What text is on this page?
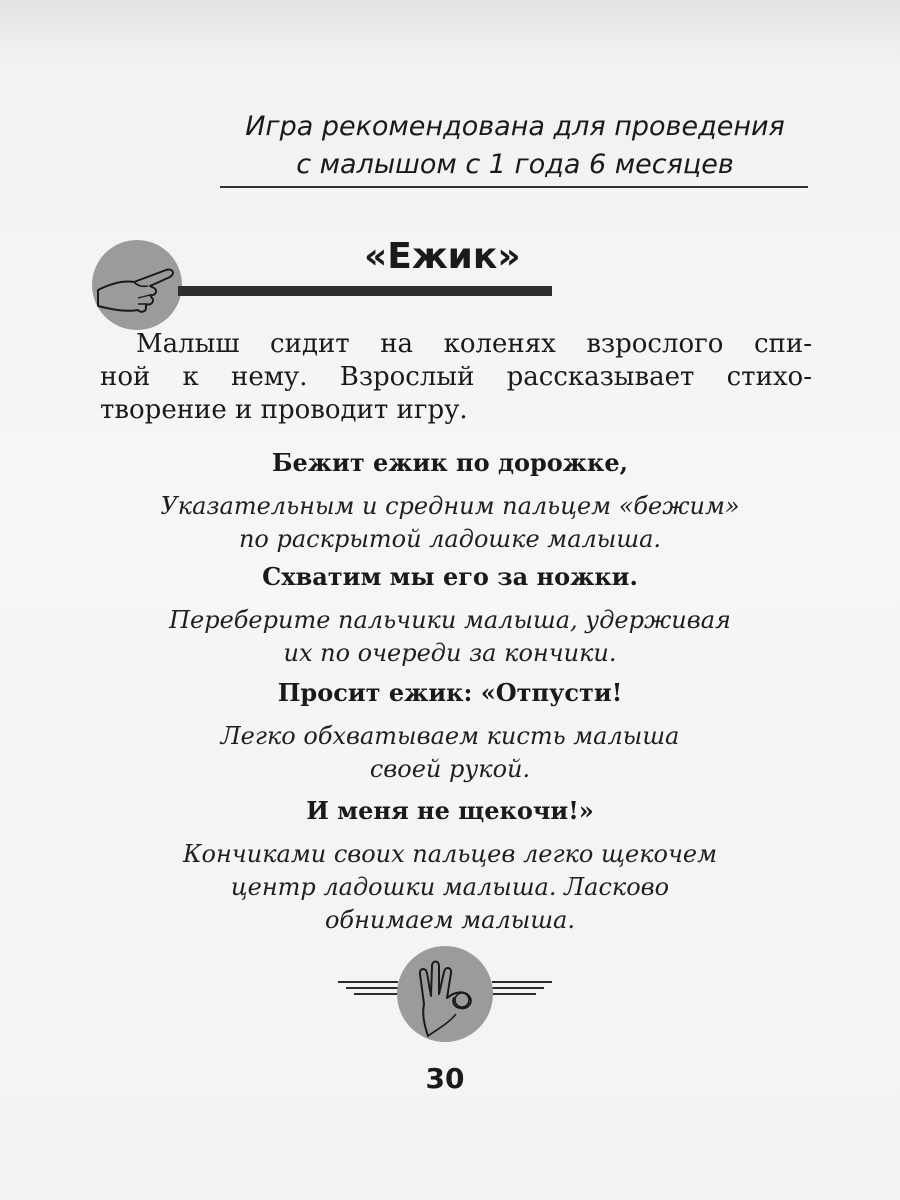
Игра рекомендована для проведения
с малышом с 1 года 6 месяцев
«Ежик»
Малыш сидит на коленях взрослого спи-
ной к нему. Взрослый рассказывает стихо-
творение и проводит игру.
Бежит ежик по дорожке,
Указательным и средним пальцем «бежим»
по раскрытой ладошке малыша.
Схватим мы его за ножки.
Переберите пальчики малыша, удерживая
их по очереди за кончики.
Просит ежик: «Отпусти!
Легко обхватываем кисть малыша
своей рукой.
И меня не щекочи!»
Кончиками своих пальцев легко щекочем
центр ладошки малыша. Ласково
обнимаем малыша.
30
